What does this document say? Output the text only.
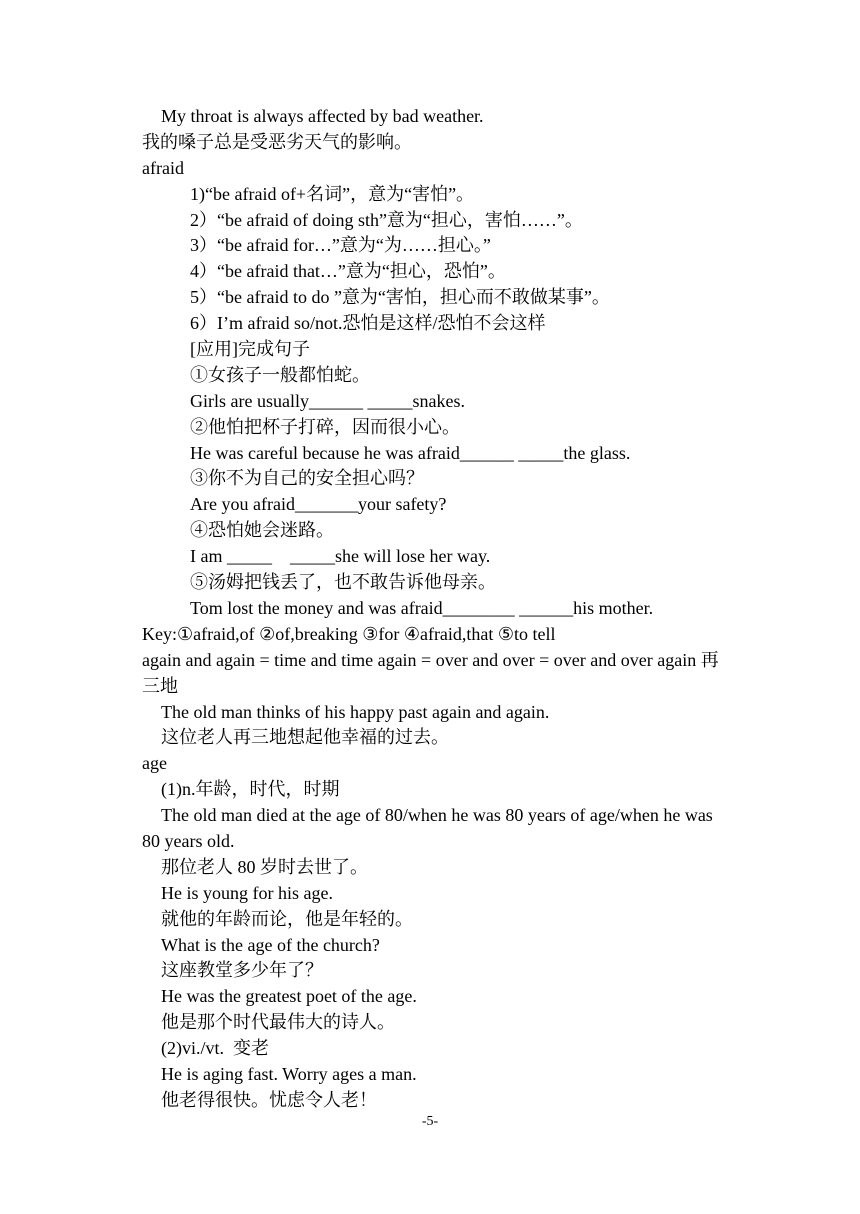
My throat is always affected by bad weather.
我的嗓子总是受恶劣天气的影响。
afraid
1)“be afraid of+名词”，意为“害怕”。
2）“be afraid of doing sth”意为“担心，害怕……”。
3）“be afraid for…”意为“为……担心。”
4）“be afraid that…”意为“担心，恐怕”。
5）“be afraid to do ”意为“害怕，担心而不敢做某事”。
6）I’m afraid so/not.恐怕是这样/恐怕不会这样
[应用]完成句子
①女孩子一般都怕蛇。
Girls are usually______ _____snakes.
②他怕把杯子打碎，因而很小心。
He was careful because he was afraid______ _____the glass.
③你不为自己的安全担心吗？
Are you afraid_______your safety?
④恐怕她会迷路。
I am _____    _____she will lose her way.
⑤汤姆把钱丢了，也不敢告诉他母亲。
Tom lost the money and was afraid________ ______his mother.
Key:①afraid,of ②of,breaking ③for ④afraid,that ⑤to tell
again and again = time and time again = over and over = over and over again 再三地
The old man thinks of his happy past again and again.
这位老人再三地想起他幸福的过去。
age
(1)n.年龄，时代，时期
The old man died at the age of 80/when he was 80 years of age/when he was 80 years old.
那位老人 80 岁时去世了。
He is young for his age.
就他的年龄而论，他是年轻的。
What is the age of the church?
这座教堂多少年了？
He was the greatest poet of the age.
他是那个时代最伟大的诗人。
(2)vi./vt.  变老
He is aging fast. Worry ages a man.
他老得很快。忧虑令人老！
-5-
